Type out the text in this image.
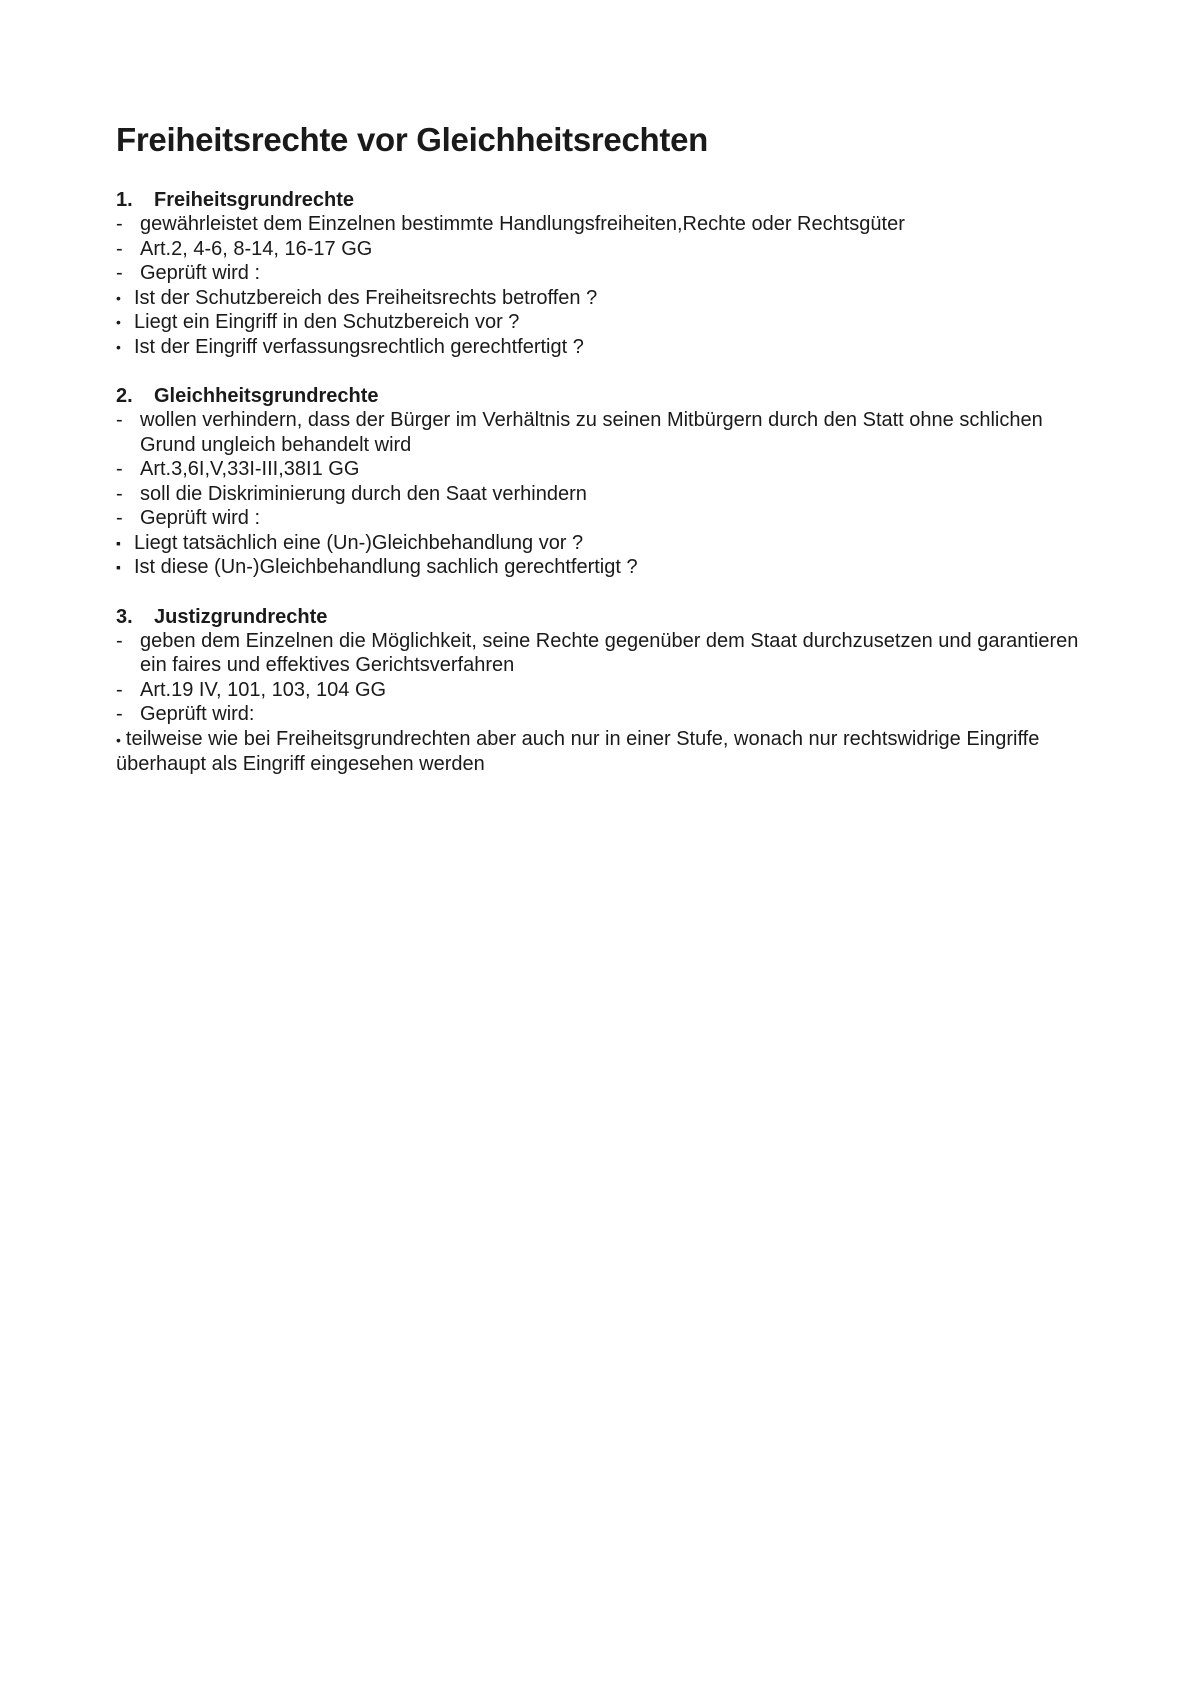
Freiheitsrechte vor Gleichheitsrechten
1.	Freiheitsgrundrechte
- gewährleistet dem Einzelnen bestimmte Handlungsfreiheiten,Rechte oder Rechtsgüter
- Art.2, 4-6, 8-14, 16-17 GG
- Geprüft wird :
• Ist der Schutzbereich des Freiheitsrechts betroffen ?
• Liegt ein Eingriff in den Schutzbereich vor ?
• Ist der Eingriff verfassungsrechtlich gerechtfertigt ?
2.	Gleichheitsgrundrechte
- wollen verhindern, dass der Bürger im Verhältnis zu seinen Mitbürgern durch den Statt ohne schlichen Grund ungleich behandelt wird
- Art.3,6I,V,33I-III,38I1 GG
- soll die Diskriminierung durch den Saat verhindern
- Geprüft wird :
▪ Liegt tatsächlich eine (Un-)Gleichbehandlung vor ?
▪ Ist diese (Un-)Gleichbehandlung sachlich gerechtfertigt ?
3.	Justizgrundrechte
- geben dem Einzelnen die Möglichkeit, seine Rechte gegenüber dem Staat durchzusetzen und garantieren ein faires und effektives Gerichtsverfahren
- Art.19 IV, 101, 103, 104 GG
- Geprüft wird:
• teilweise wie bei Freiheitsgrundrechten aber auch nur in einer Stufe, wonach nur rechtswidrige Eingriffe überhaupt als Eingriff eingesehen werden
